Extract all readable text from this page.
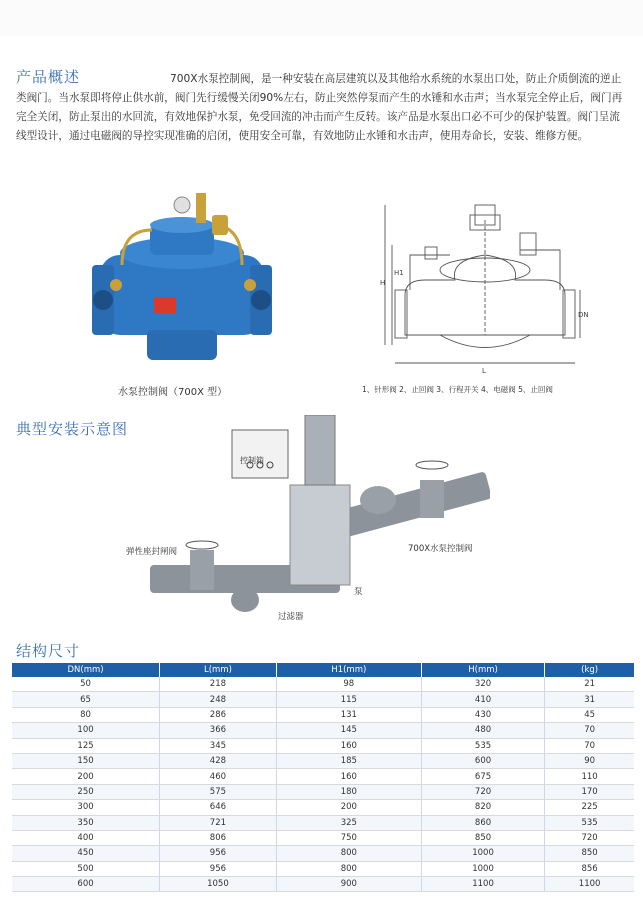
产品概述	700X水泵控制阀，是一种安装在高层建筑以及其他给水系统的水泵出口处，防止介质倒流的逆止类阀门。当水泵即将停止供水前，阀门先行缓慢关闭90%左右，防止突然停泵而产生的水锤和水击声；当水泵完全停止后，阀门再完全关闭，防止泵出的水回流，有效地保护水泵，免受回流的冲击而产生反转。该产品是水泵出口必不可少的保护装置。阀门呈流线型设计，通过电磁阀的导控实现准确的启闭，使用安全可靠，有效地防止水锤和水击声，使用寿命长，安装、维修方便。
水泵控制阀（700X 型）
H
H1
L
DN
1、针形阀 2、止回阀 3、行程开关 4、电磁阀 5、止回阀
典型安装示意图
控制箱
弹性座封闸阀
过滤器
泵
700X水泵控制阀
结构尺寸
DN(mm)	L(mm)	H1(mm)	H(mm)	(kg)
50	218	98	320	21
65	248	115	410	31
80	286	131	430	45
100	366	145	480	70
125	345	160	535	70
150	428	185	600	90
200	460	160	675	110
250	575	180	720	170
300	646	200	820	225
350	721	325	860	535
400	806	750	850	720
450	956	800	1000	850
500	956	800	1000	856
600	1050	900	1100	1100
